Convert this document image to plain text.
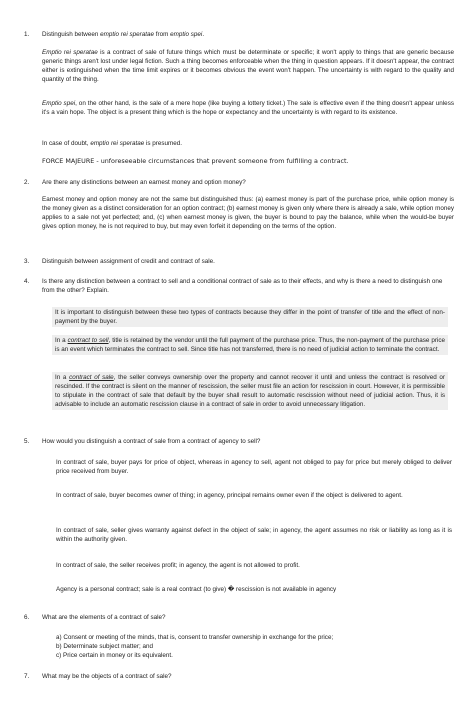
1.	Distinguish between emptio rei speratae from emptio spei.
Emptio rei speratae is a contract of sale of future things which must be determinate or specific; it won't apply to things that are generic because generic things aren't lost under legal fiction. Such a thing becomes enforceable when the thing in question appears. If it doesn't appear, the contract either is extinguished when the time limit expires or it becomes obvious the event won't happen. The uncertainty is with regard to the quality and quantity of the thing.
Emptio spei, on the other hand, is the sale of a mere hope (like buying a lottery ticket.) The sale is effective even if the thing doesn't appear unless it's a vain hope. The object is a present thing which is the hope or expectancy and the uncertainty is with regard to its existence.
In case of doubt, emptio rei speratae is presumed.
FORCE MAJEURE - unforeseeable circumstances that prevent someone from fulfilling a contract.
2.	Are there any distinctions between an earnest money and option money?
Earnest money and option money are not the same but distinguished thus: (a) earnest money is part of the purchase price, while option money is the money given as a distinct consideration for an option contract; (b) earnest money is given only where there is already a sale, while option money applies to a sale not yet perfected; and, (c) when earnest money is given, the buyer is bound to pay the balance, while when the would-be buyer gives option money, he is not required to buy, but may even forfeit it depending on the terms of the option.
3.	Distinguish between assignment of credit and contract of sale.
4.	Is there any distinction between a contract to sell and a conditional contract of sale as to their effects, and why is there a need to distinguish one from the other? Explain.
It is important to distinguish between these two types of contracts because they differ in the point of transfer of title and the effect of non-payment by the buyer.
In a contract to sell, title is retained by the vendor until the full payment of the purchase price. Thus, the non-payment of the purchase price is an event which terminates the contract to sell. Since title has not transferred, there is no need of judicial action to terminate the contract.
In a contract of sale, the seller conveys ownership over the property and cannot recover it until and unless the contract is resolved or rescinded. If the contract is silent on the manner of rescission, the seller must file an action for rescission in court. However, it is permissible to stipulate in the contract of sale that default by the buyer shall result to automatic rescission without need of judicial action. Thus, it is advisable to include an automatic rescission clause in a contract of sale in order to avoid unnecessary litigation.
5.	How would you distinguish a contract of sale from a contract of agency to sell?
In contract of sale, buyer pays for price of object, whereas in agency to sell, agent not obliged to pay for price but merely obliged to deliver price received from buyer.
In contract of sale, buyer becomes owner of thing; in agency, principal remains owner even if the object is delivered to agent.
In contract of sale, seller gives warranty against defect in the object of sale; in agency, the agent assumes no risk or liability as long as it is within the authority given.
In contract of sale, the seller receives profit; in agency, the agent is not allowed to profit.
Agency is a personal contract; sale is a real contract (to give) � rescission is not available in agency
6.	What are the elements of a contract of sale?
a) Consent or meeting of the minds, that is, consent to transfer ownership in exchange for the price;
b) Determinate subject matter; and
c) Price certain in money or its equivalent.
7.	What may be the objects of a contract of sale?
